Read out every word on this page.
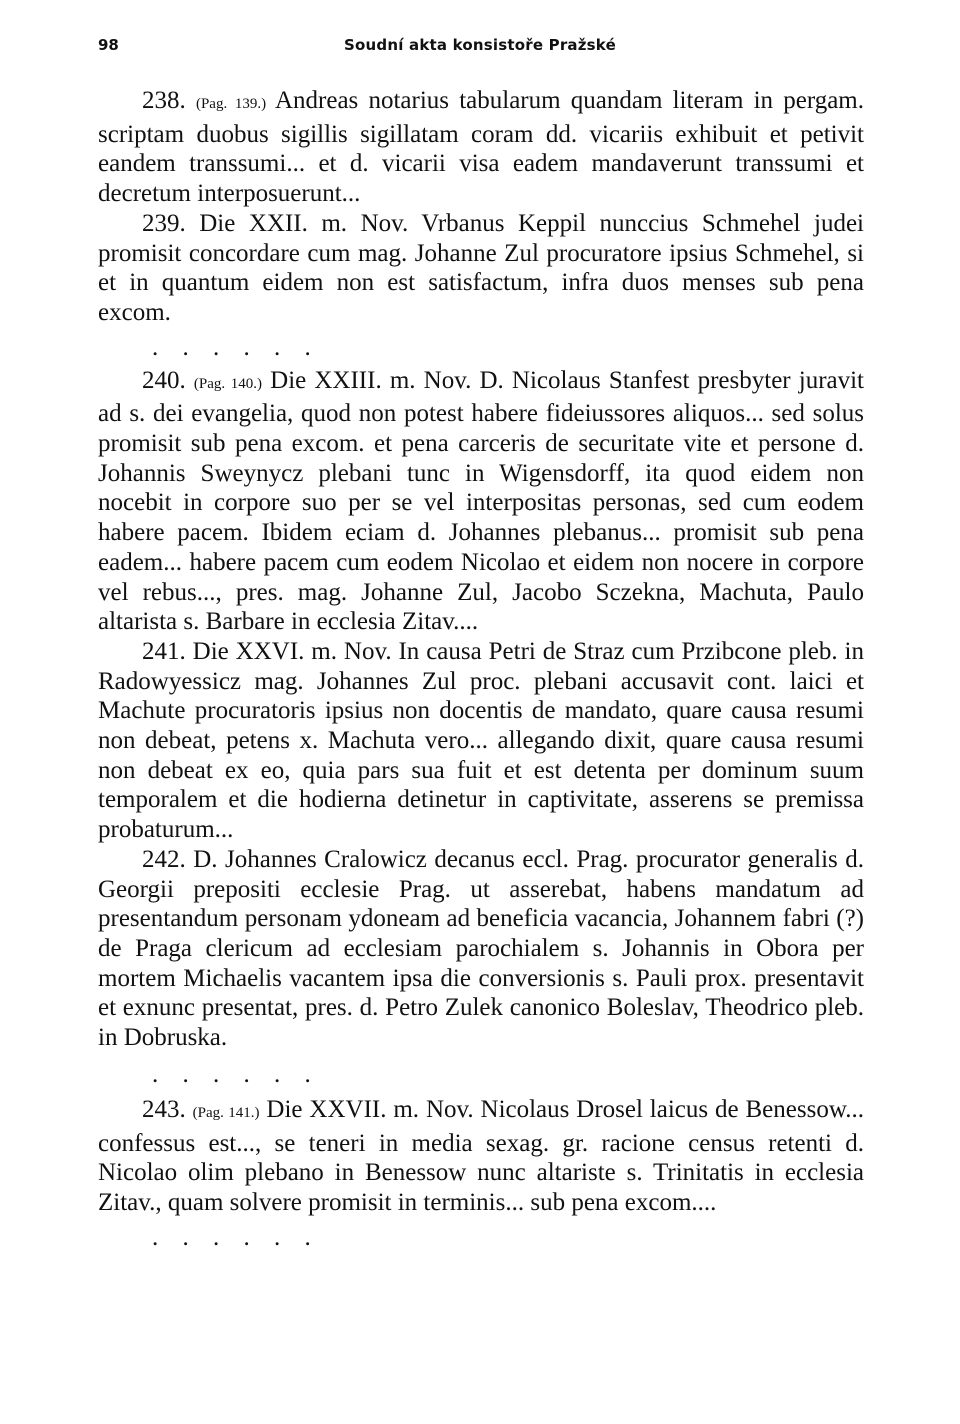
98	Soudní akta konsistoře Pražské

238. (Pag. 139.) Andreas notarius tabularum quandam literam in pergam. scriptam duobus sigillis sigillatam coram dd. vicariis exhibuit et petivit eandem transsumi... et d. vicarii visa eadem mandaverunt transsumi et decretum interposuerunt...

239. Die XXII. m. Nov. Vrbanus Keppil nunccius Schmehel judei promisit concordare cum mag. Johanne Zul procuratore ipsius Schmehel, si et in quantum eidem non est satisfactum, infra duos menses sub pena excom.

. . . . . .

240. (Pag. 140.) Die XXIII. m. Nov. D. Nicolaus Stanfest presbyter juravit ad s. dei evangelia, quod non potest habere fideiussores aliquos... sed solus promisit sub pena excom. et pena carceris de securitate vite et persone d. Johannis Sweynycz plebani tunc in Wigensdorff, ita quod eidem non nocebit in corpore suo per se vel interpositas personas, sed cum eodem habere pacem. Ibidem eciam d. Johannes plebanus... promisit sub pena eadem... habere pacem cum eodem Nicolao et eidem non nocere in corpore vel rebus..., pres. mag. Johanne Zul, Jacobo Sczekna, Machuta, Paulo altarista s. Barbare in ecclesia Zitav....

241. Die XXVI. m. Nov. In causa Petri de Straz cum Przibcone pleb. in Radowyessicz mag. Johannes Zul proc. plebani accusavit cont. laici et Machute procuratoris ipsius non docentis de mandato, quare causa resumi non debeat, petens x. Machuta vero... allegando dixit, quare causa resumi non debeat ex eo, quia pars sua fuit et est detenta per dominum suum temporalem et die hodierna detinetur in captivitate, asserens se premissa probaturum...

242. D. Johannes Cralowicz decanus eccl. Prag. procurator generalis d. Georgii prepositi ecclesie Prag. ut asserebat, habens mandatum ad presentandum personam ydoneam ad beneficia vacancia, Johannem fabri (?) de Praga clericum ad ecclesiam parochialem s. Johannis in Obora per mortem Michaelis vacantem ipsa die conversionis s. Pauli prox. presentavit et exnunc presentat, pres. d. Petro Zulek canonico Boleslav, Theodrico pleb. in Dobruska.

. . . . . .

243. (Pag. 141.) Die XXVII. m. Nov. Nicolaus Drosel laicus de Benessow... confessus est..., se teneri in media sexag. gr. racione census retenti d. Nicolao olim plebano in Benessow nunc altariste s. Trinitatis in ecclesia Zitav., quam solvere promisit in terminis... sub pena excom....

. . . . . .
